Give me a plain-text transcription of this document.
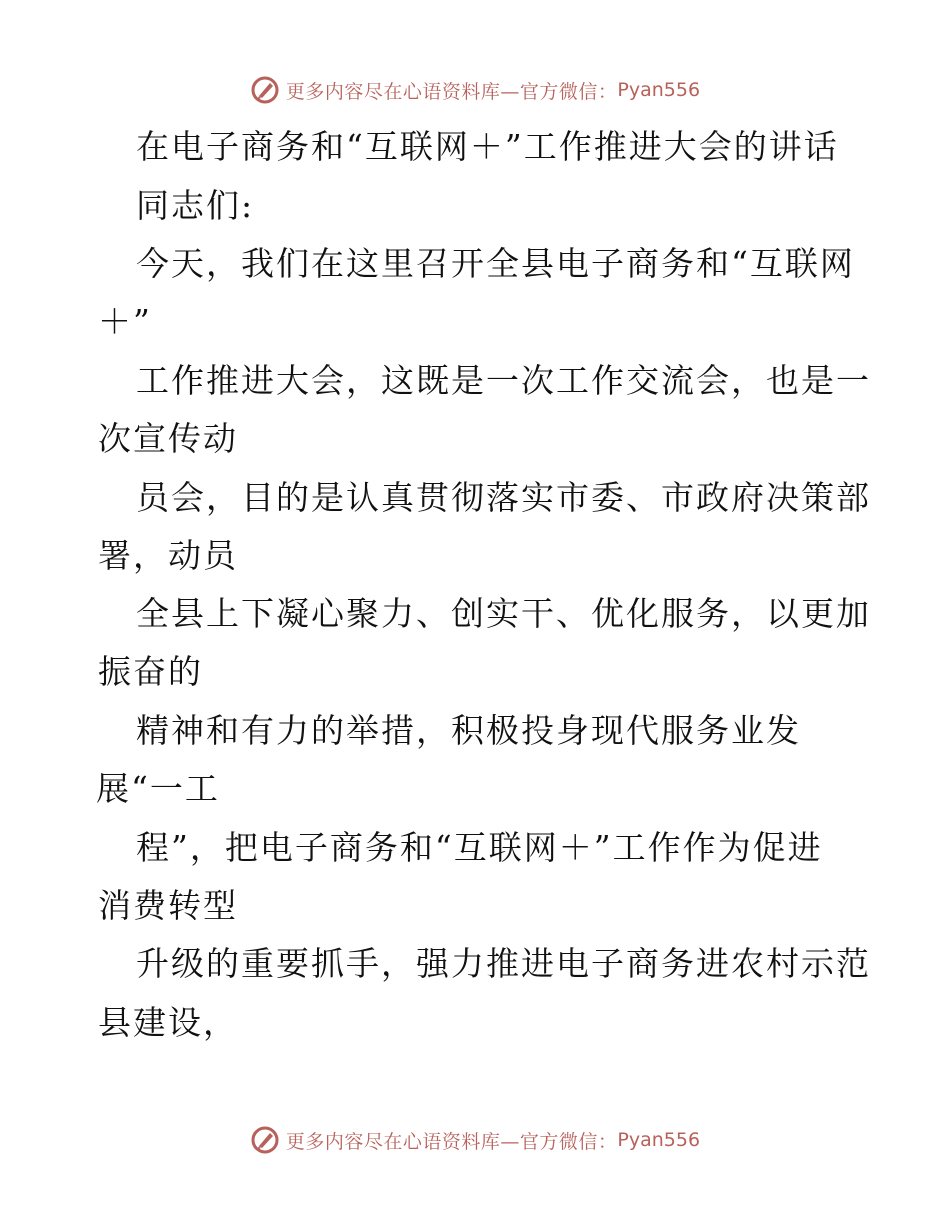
更多内容尽在心语资料库—官方微信： Pyan556
在电子商务和“互联网＋”工作推进大会的讲话
同志们:
今天，我们在这里召开全县电子商务和“互联网
＋”
工作推进大会，这既是一次工作交流会，也是一
次宣传动
员会，目的是认真贯彻落实市委、市政府决策部
署，动员
全县上下凝心聚力、创实干、优化服务，以更加
振奋的
精神和有力的举措，积极投身现代服务业发
展“一工
程”，把电子商务和“互联网＋”工作作为促进
消费转型
升级的重要抓手，强力推进电子商务进农村示范
县建设，
更多内容尽在心语资料库—官方微信： Pyan556
